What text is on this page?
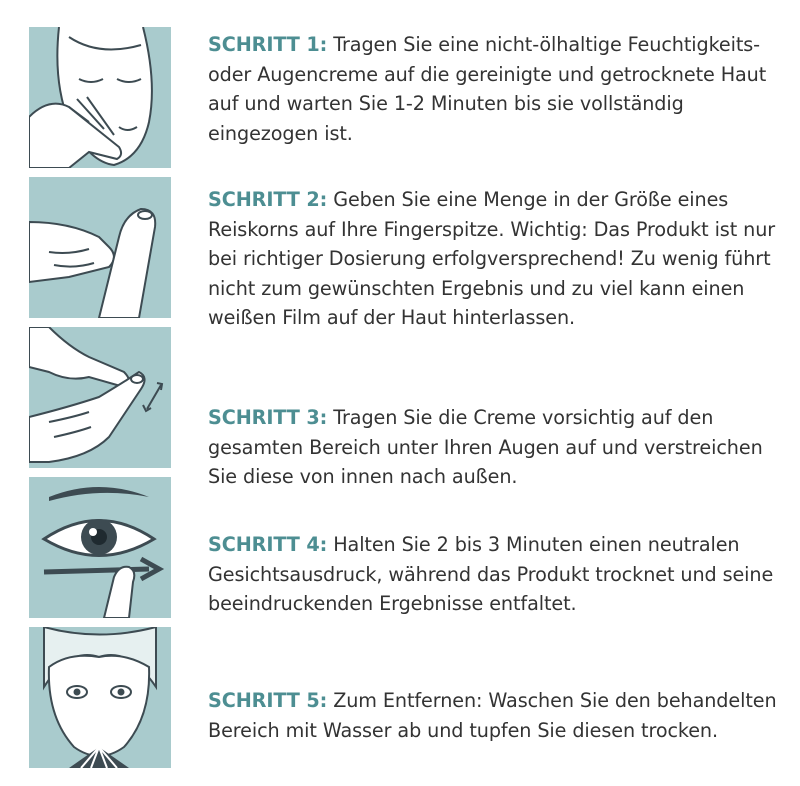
SCHRITT 1: Tragen Sie eine nicht-ölhaltige Feuchtigkeits- oder Augencreme auf die gereinigte und getrocknete Haut auf und warten Sie 1-2 Minuten bis sie vollständig eingezogen ist.

SCHRITT 2: Geben Sie eine Menge in der Größe eines Reiskorns auf Ihre Fingerspitze. Wichtig: Das Produkt ist nur bei richtiger Dosierung erfolgversprechend! Zu wenig führt nicht zum gewünschten Ergebnis und zu viel kann einen weißen Film auf der Haut hinterlassen.

SCHRITT 3: Tragen Sie die Creme vorsichtig auf den gesamten Bereich unter Ihren Augen auf und verstreichen Sie diese von innen nach außen.

SCHRITT 4: Halten Sie 2 bis 3 Minuten einen neutralen Gesichtsausdruck, während das Produkt trocknet und seine beeindruckenden Ergebnisse entfaltet.

SCHRITT 5: Zum Entfernen: Waschen Sie den behandelten Bereich mit Wasser ab und tupfen Sie diesen trocken.
